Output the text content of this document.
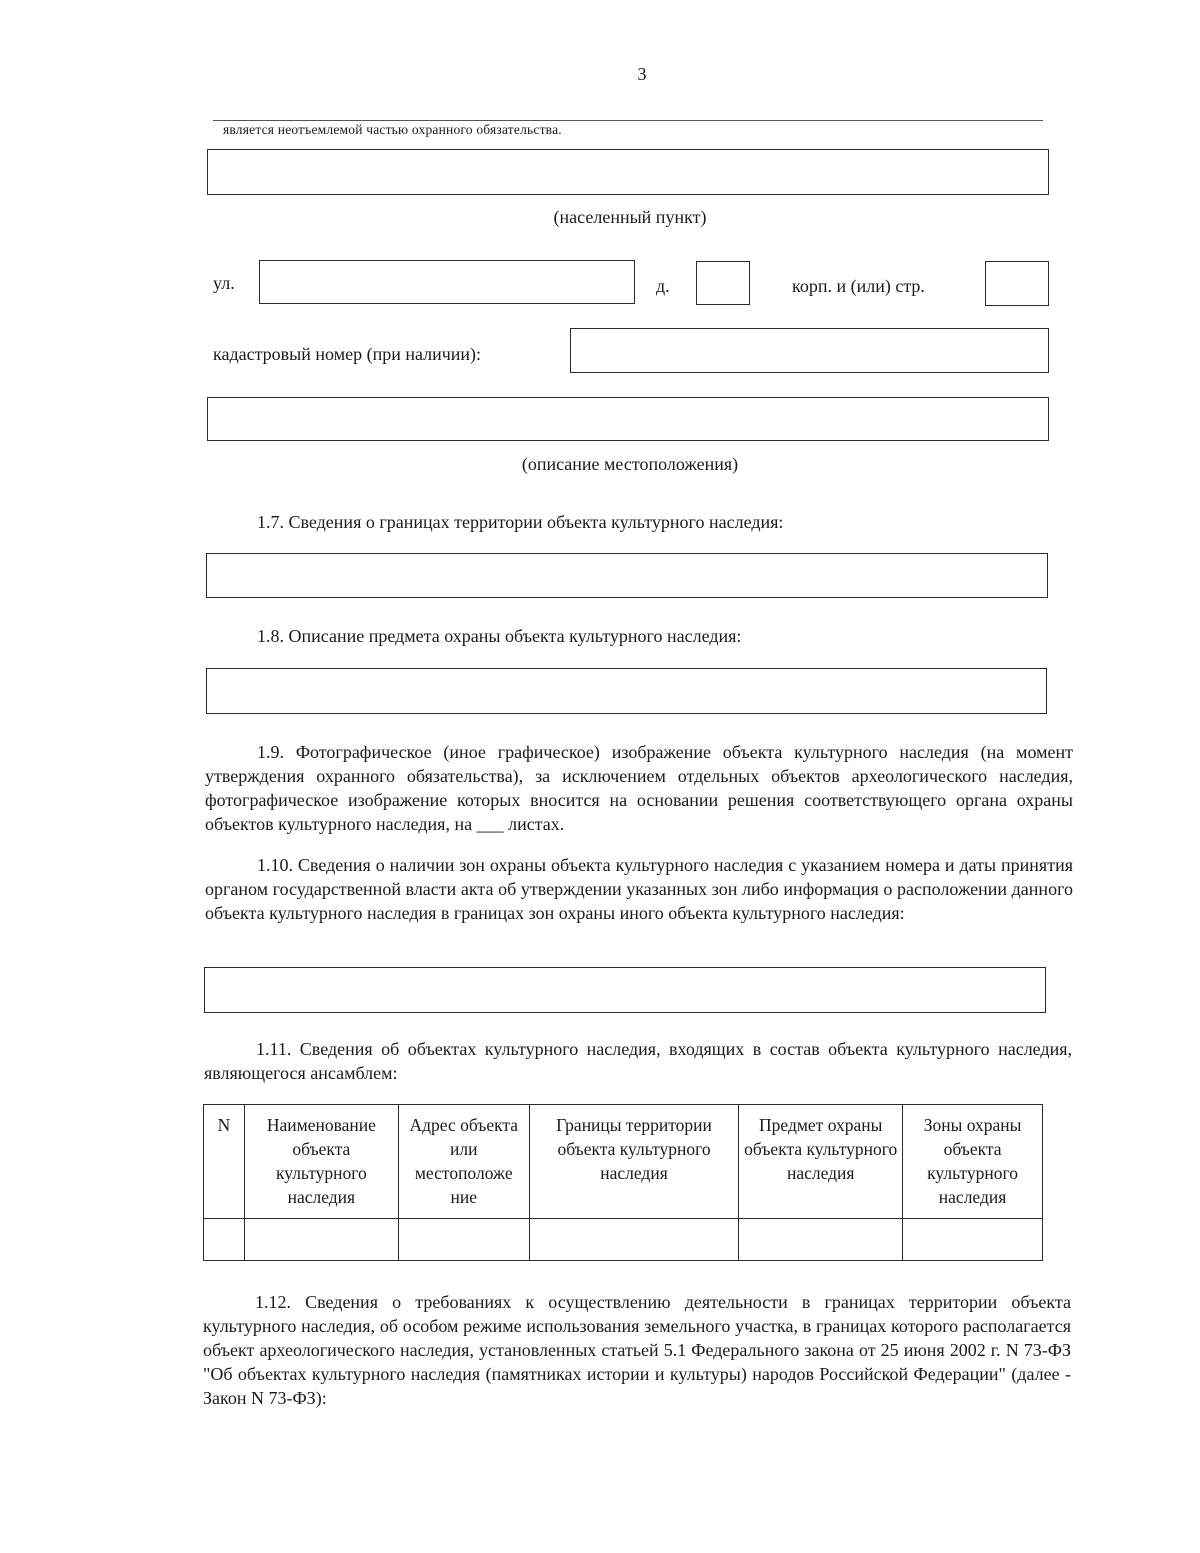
3
является неотъемлемой частью охранного обязательства.
(населенный пункт)
ул.	д.	корп. и (или) стр.
кадастровый номер (при наличии):
(описание местоположения)
1.7. Сведения о границах территории объекта культурного наследия:
1.8. Описание предмета охраны объекта культурного наследия:

1.9. Фотографическое (иное графическое) изображение объекта культурного наследия (на момент утверждения охранного обязательства), за исключением отдельных объектов археологического наследия, фотографическое изображение которых вносится на основании решения соответствующего органа охраны объектов культурного наследия, на ___ листах.

1.10. Сведения о наличии зон охраны объекта культурного наследия с указанием номера и даты принятия органом государственной власти акта об утверждении указанных зон либо информация о расположении данного объекта культурного наследия в границах зон охраны иного объекта культурного наследия:

1.11. Сведения об объектах культурного наследия, входящих в состав объекта культурного наследия, являющегося ансамблем:

N	Наименование объекта культурного наследия	Адрес объекта или местоположе ние	Границы территории объекта культурного наследия	Предмет охраны объекта культурного наследия	Зоны охраны объекта культурного наследия

1.12. Сведения о требованиях к осуществлению деятельности в границах территории объекта культурного наследия, об особом режиме использования земельного участка, в границах которого располагается объект археологического наследия, установленных статьей 5.1 Федерального закона от 25 июня 2002 г. N 73-ФЗ "Об объектах культурного наследия (памятниках истории и культуры) народов Российской Федерации" (далее - Закон N 73-ФЗ):
